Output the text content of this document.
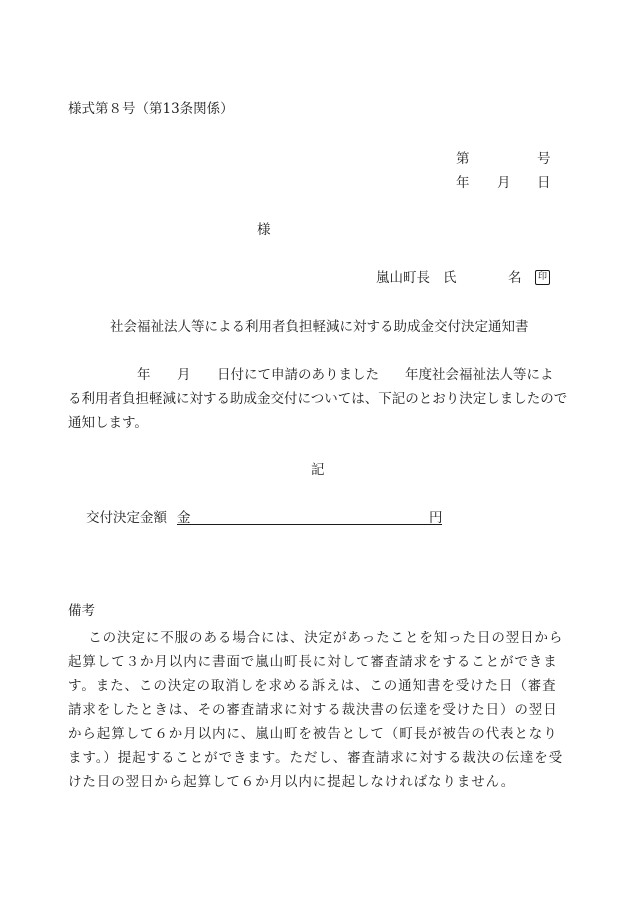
様式第８号（第13条関係）
第	号
年 月 日
様
嵐山町長 氏	名	印
社会福祉法人等による利用者負担軽減に対する助成金交付決定通知書
年 月 日付にて申請のありました 年度社会福祉法人等によ
る利用者負担軽減に対する助成金交付については、下記のとおり決定しましたので
通知します。
記
交付決定金額 金	円
備考
この決定に不服のある場合には、決定があったことを知った日の翌日から起算して３か月以内に書面で嵐山町長に対して審査請求をすることができます。また、この決定の取消しを求める訴えは、この通知書を受けた日（審査請求をしたときは、その審査請求に対する裁決書の伝達を受けた日）の翌日から起算して６か月以内に、嵐山町を被告として（町長が被告の代表となります。）提起することができます。ただし、審査請求に対する裁決の伝達を受けた日の翌日から起算して６か月以内に提起しなければなりません。
